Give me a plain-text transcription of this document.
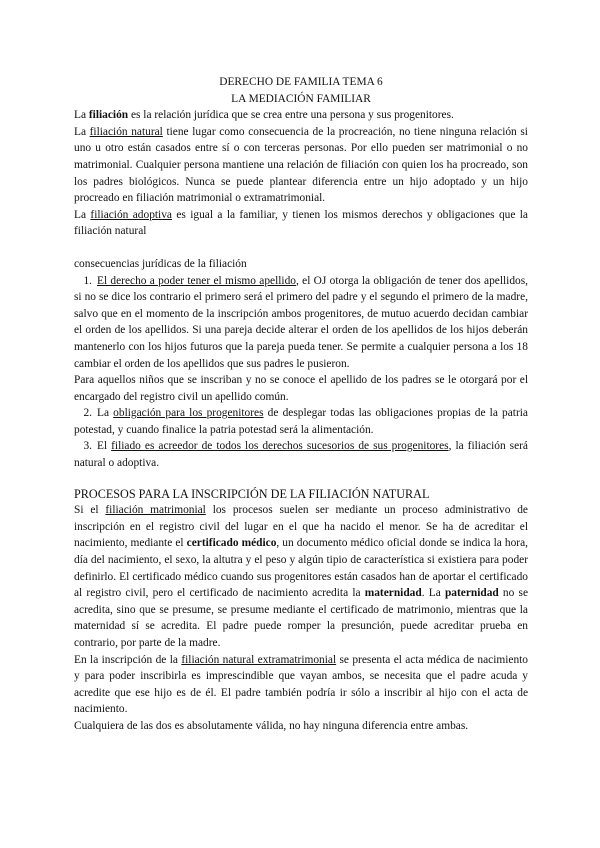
DERECHO DE FAMILIA TEMA 6

LA MEDIACIÓN FAMILIAR

La filiación es la relación jurídica que se crea entre una persona y sus progenitores.

La filiación natural tiene lugar como consecuencia de la procreación, no tiene ninguna relación si uno u otro están casados entre sí o con terceras personas. Por ello pueden ser matrimonial o no matrimonial. Cualquier persona mantiene una relación de filiación con quien los ha procreado, son los padres biológicos. Nunca se puede plantear diferencia entre un hijo adoptado y un hijo procreado en filiación matrimonial o extramatrimonial.

La filiación adoptiva es igual a la familiar, y tienen los mismos derechos y obligaciones que la filiación natural

consecuencias jurídicas de la filiación

1. El derecho a poder tener el mismo apellido, el OJ otorga la obligación de tener dos apellidos, si no se dice los contrario el primero será el primero del padre y el segundo el primero de la madre, salvo que en el momento de la inscripción ambos progenitores, de mutuo acuerdo decidan cambiar el orden de los apellidos. Si una pareja decide alterar el orden de los apellidos de los hijos deberán mantenerlo con los hijos futuros que la pareja pueda tener. Se permite a cualquier persona a los 18 cambiar el orden de los apellidos que sus padres le pusieron.

Para aquellos niños que se inscriban y no se conoce el apellido de los padres se le otorgará por el encargado del registro civil un apellido común.

2. La obligación para los progenitores de desplegar todas las obligaciones propias de la patria potestad, y cuando finalice la patria potestad será la alimentación.

3. El filiado es acreedor de todos los derechos sucesorios de sus progenitores, la filiación será natural o adoptiva.

PROCESOS PARA LA INSCRIPCIÓN DE LA FILIACIÓN NATURAL

Si el filiación matrimonial los procesos suelen ser mediante un proceso administrativo de inscripción en el registro civil del lugar en el que ha nacido el menor. Se ha de acreditar el nacimiento, mediante el certificado médico, un documento médico oficial donde se indica la hora, día del nacimiento, el sexo, la altutra y el peso y algún tipio de característica si existiera para poder definirlo. El certificado médico cuando sus progenitores están casados han de aportar el certificado al registro civil, pero el certificado de nacimiento acredita la maternidad. La paternidad no se acredita, sino que se presume, se presume mediante el certificado de matrimonio, mientras que la maternidad sí se acredita. El padre puede romper la presunción, puede acreditar prueba en contrario, por parte de la madre.

En la inscripción de la filiación natural extramatrimonial se presenta el acta médica de nacimiento y para poder inscribirla es imprescindible que vayan ambos, se necesita que el padre acuda y acredite que ese hijo es de él. El padre también podría ir sólo a inscribir al hijo con el acta de nacimiento.

Cualquiera de las dos es absolutamente válida, no hay ninguna diferencia entre ambas.
